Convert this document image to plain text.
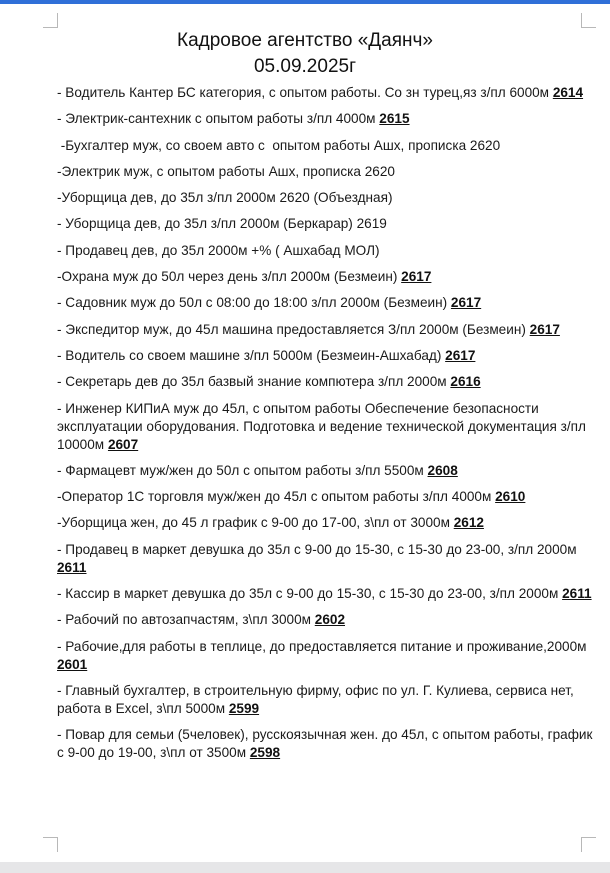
Кадровое агентство «Даянч»
05.09.2025г

- Водитель Кантер БС категория, с опытом работы. Со зн турец,яз з/пл 6000м 2614

- Электрик-сантехник с опытом работы з/пл 4000м 2615

-Бухгалтер муж, со своем авто с  опытом работы Ашх, прописка 2620

-Электрик муж, с опытом работы Ашх, прописка 2620

-Уборщица дев, до 35л з/пл 2000м 2620 (Объездная)

- Уборщица дев, до 35л з/пл 2000м (Беркарар) 2619

- Продавец дев, до 35л 2000м +% ( Ашхабад МОЛ)

-Охрана муж до 50л через день з/пл 2000м (Безмеин) 2617

- Садовник муж до 50л с 08:00 до 18:00 з/пл 2000м (Безмеин) 2617

- Экспедитор муж, до 45л машина предоставляется З/пл 2000м (Безмеин) 2617

- Водитель со своем машине з/пл 5000м (Безмеин-Ашхабад) 2617

- Секретарь дев до 35л базвый знание компютера з/пл 2000м 2616

- Инженер КИПиА муж до 45л, с опытом работы Обеспечение безопасности эксплуатации оборудования. Подготовка и ведение технической документация з/пл 10000м 2607

- Фармацевт муж/жен до 50л с опытом работы з/пл 5500м 2608

-Оператор 1С торговля муж/жен до 45л с опытом работы з/пл 4000м 2610

-Уборщица жен, до 45 л график с 9-00 до 17-00, з\пл от 3000м 2612

- Продавец в маркет девушка до 35л с 9-00 до 15-30, с 15-30 до 23-00, з/пл 2000м 2611

- Кассир в маркет девушка до 35л с 9-00 до 15-30, с 15-30 до 23-00, з/пл 2000м 2611

- Рабочий по автозапчастям, з\пл 3000м 2602

- Рабочие,для работы в теплице, до предоставляется питание и проживание,2000м 2601

- Главный бухгалтер, в строительную фирму, офис по ул. Г. Кулиева, сервиса нет, работа в Excel, з\пл 5000м 2599

- Повар для семьи (5человек), русскоязычная жен. до 45л, с опытом работы, график с 9-00 до 19-00, з\пл от 3500м 2598
